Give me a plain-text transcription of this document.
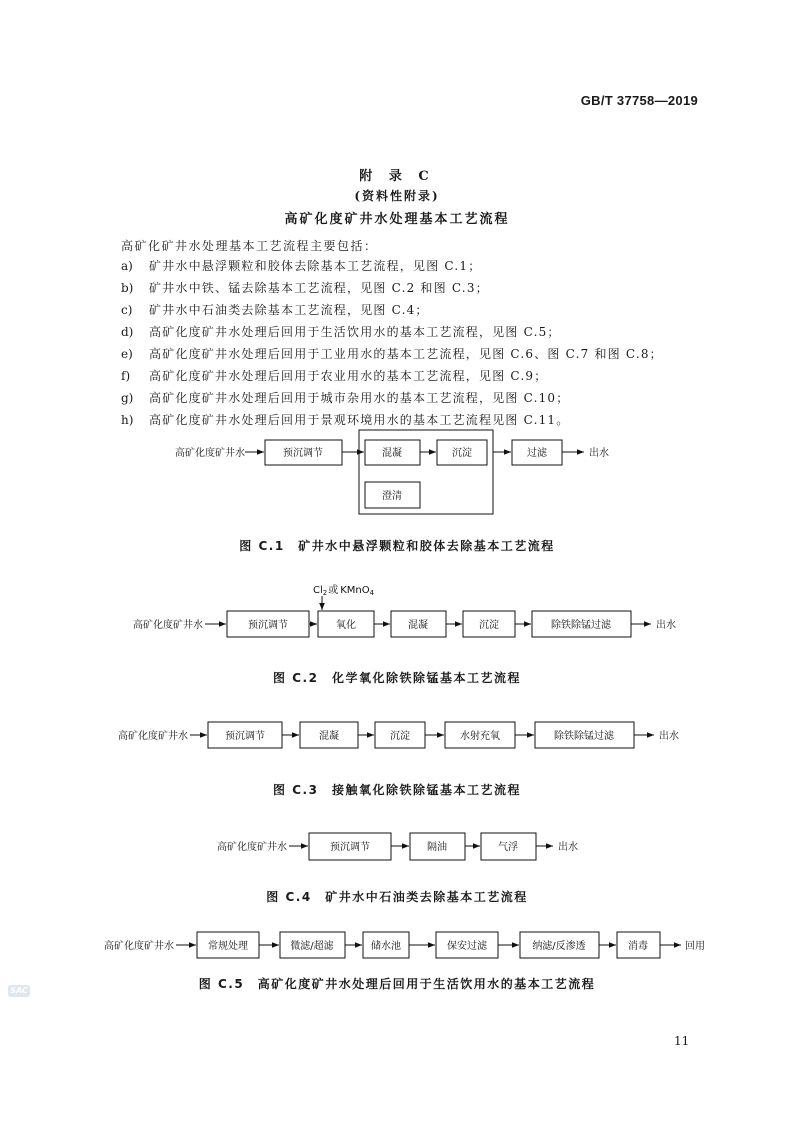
GB/T 37758—2019
附 录 C
(资料性附录)
高矿化度矿井水处理基本工艺流程
高矿化矿井水处理基本工艺流程主要包括：
a) 矿井水中悬浮颗粒和胶体去除基本工艺流程，见图 C.1；
b) 矿井水中铁、锰去除基本工艺流程，见图 C.2 和图 C.3；
c) 矿井水中石油类去除基本工艺流程，见图 C.4；
d) 高矿化度矿井水处理后回用于生活饮用水的基本工艺流程，见图 C.5；
e) 高矿化度矿井水处理后回用于工业用水的基本工艺流程，见图 C.6、图 C.7 和图 C.8；
f) 高矿化度矿井水处理后回用于农业用水的基本工艺流程，见图 C.9；
g) 高矿化度矿井水处理后回用于城市杂用水的基本工艺流程，见图 C.10；
h) 高矿化度矿井水处理后回用于景观环境用水的基本工艺流程见图 C.11。
高矿化度矿井水	预沉调节	混凝	沉淀
澄清
过滤	出水
$Cl_2$或 KMnO$_4$
高矿化度矿井水	预沉调节	氧化	混凝	沉淀	除铁除锰过滤	出水
高矿化度矿井水	预沉调节	混凝	沉淀	水射充氧	除铁除锰过滤	出水
高矿化度矿井水	预沉调节	隔油	气浮	出水
高矿化度矿井水	常规处理	微滤/超滤	储水池	保安过滤	纳滤/反渗透	消毒	回用
图 C.1　矿井水中悬浮颗粒和胶体去除基本工艺流程
图 C.2　化学氧化除铁除锰基本工艺流程
图 C.3　接触氧化除铁除锰基本工艺流程
图 C.4　矿井水中石油类去除基本工艺流程
图 C.5　高矿化度矿井水处理后回用于生活饮用水的基本工艺流程
SAC
11
